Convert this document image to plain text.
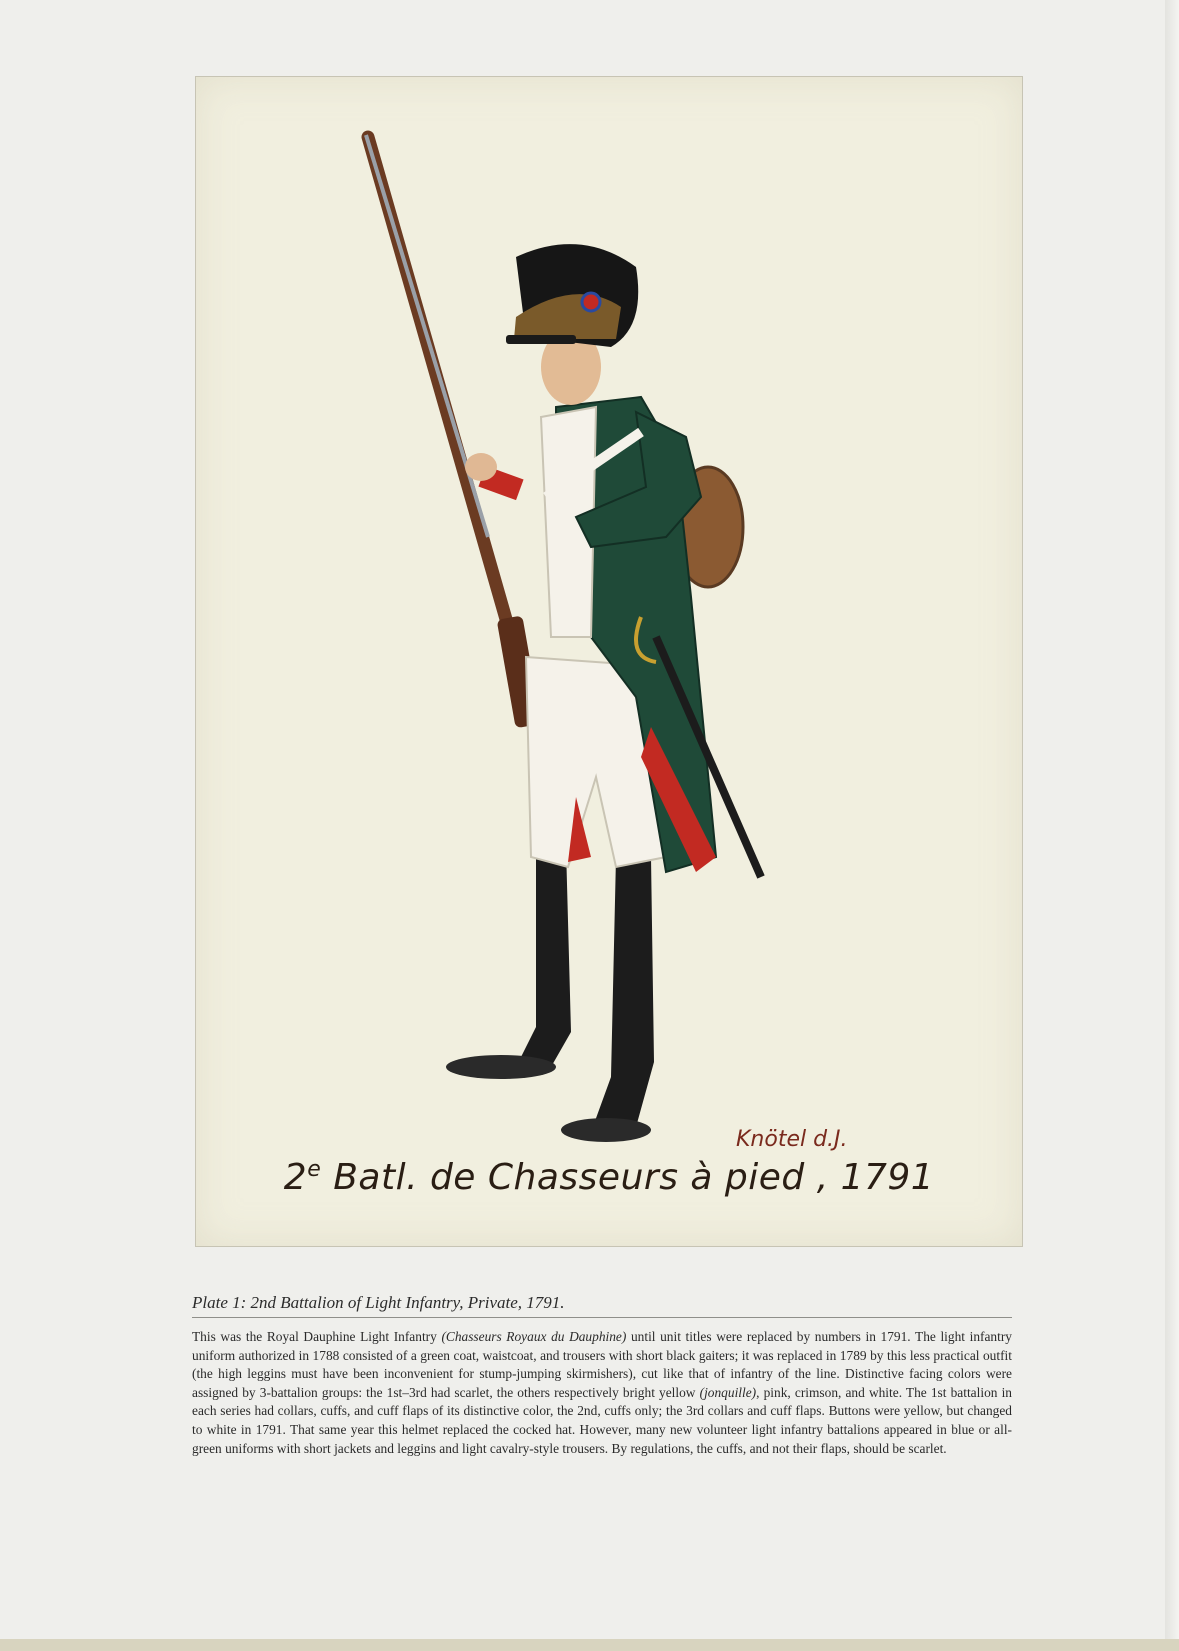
Knötel d.J.
2e Batl. de Chasseurs à pied , 1791

Plate 1: 2nd Battalion of Light Infantry, Private, 1791.

This was the Royal Dauphine Light Infantry (Chasseurs Royaux du Dauphine) until unit titles were replaced by numbers in 1791. The light infantry uniform authorized in 1788 consisted of a green coat, waistcoat, and trousers with short black gaiters; it was replaced in 1789 by this less practical outfit (the high leggins must have been inconvenient for stump-jumping skirmishers), cut like that of infantry of the line. Distinctive facing colors were assigned by 3-battalion groups: the 1st–3rd had scarlet, the others respectively bright yellow (jonquille), pink, crimson, and white. The 1st battalion in each series had collars, cuffs, and cuff flaps of its distinctive color, the 2nd, cuffs only; the 3rd collars and cuff flaps. Buttons were yellow, but changed to white in 1791. That same year this helmet replaced the cocked hat. However, many new volunteer light infantry battalions appeared in blue or all-green uniforms with short jackets and leggins and light cavalry-style trousers. By regulations, the cuffs, and not their flaps, should be scarlet.
